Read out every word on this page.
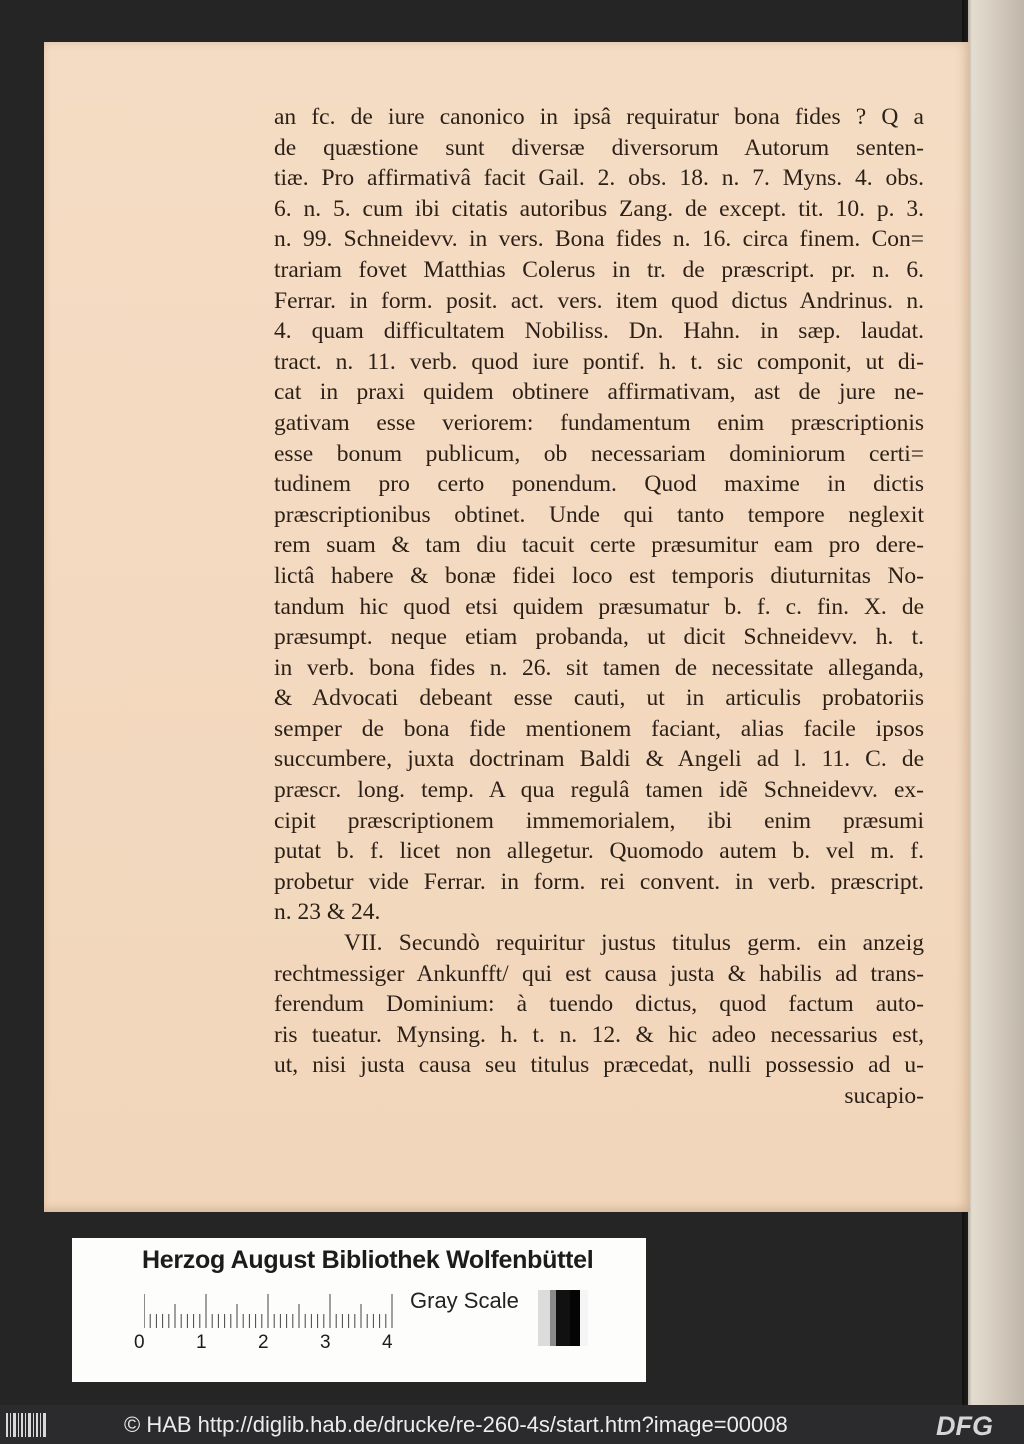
an fc. de iure canonico in ipsâ requiratur bona fides ? Q a
de quæstione sunt diversæ diversorum Autorum senten-
tiæ. Pro affirmativâ facit Gail. 2. obs. 18. n. 7. Myns. 4. obs.
6. n. 5. cum ibi citatis autoribus Zang. de except. tit. 10. p. 3.
n. 99. Schneidevv. in vers. Bona fides n. 16. circa finem. Con=
trariam fovet Matthias Colerus in tr. de præscript. pr. n. 6.
Ferrar. in form. posit. act. vers. item quod dictus Andrinus. n.
4. quam difficultatem Nobiliss. Dn. Hahn. in sæp. laudat.
tract. n. 11. verb. quod iure pontif. h. t. sic componit, ut di-
cat in praxi quidem obtinere affirmativam, ast de jure ne-
gativam esse veriorem: fundamentum enim præscriptionis
esse bonum publicum, ob necessariam dominiorum certi=
tudinem pro certo ponendum. Quod maxime in dictis
præscriptionibus obtinet. Unde qui tanto tempore neglexit
rem suam & tam diu tacuit certe præsumitur eam pro dere-
lictâ habere & bonæ fidei loco est temporis diuturnitas No-
tandum hic quod etsi quidem præsumatur b. f. c. fin. X. de
præsumpt. neque etiam probanda, ut dicit Schneidevv. h. t.
in verb. bona fides n. 26. sit tamen de necessitate alleganda,
& Advocati debeant esse cauti, ut in articulis probatoriis
semper de bona fide mentionem faciant, alias facile ipsos
succumbere, juxta doctrinam Baldi & Angeli ad l. 11. C. de
præscr. long. temp. A qua regulâ tamen idẽ Schneidevv. ex-
cipit præscriptionem immemorialem, ibi enim præsumi
putat b. f. licet non allegetur. Quomodo autem b. vel m. f.
probetur vide Ferrar. in form. rei convent. in verb. præscript.
n. 23 & 24.
VII. Secundò requiritur justus titulus germ. ein anzeig
rechtmessiger Ankunfft/ qui est causa justa & habilis ad trans-
ferendum Dominium: à tuendo dictus, quod factum auto-
ris tueatur. Mynsing. h. t. n. 12. & hic adeo necessarius est,
ut, nisi justa causa seu titulus præcedat, nulli possessio ad u-
sucapio-
Herzog August Bibliothek Wolfenbüttel
0	1	2	3	4
Gray Scale
© HAB http://diglib.hab.de/drucke/re-260-4s/start.htm?image=00008	DFG
